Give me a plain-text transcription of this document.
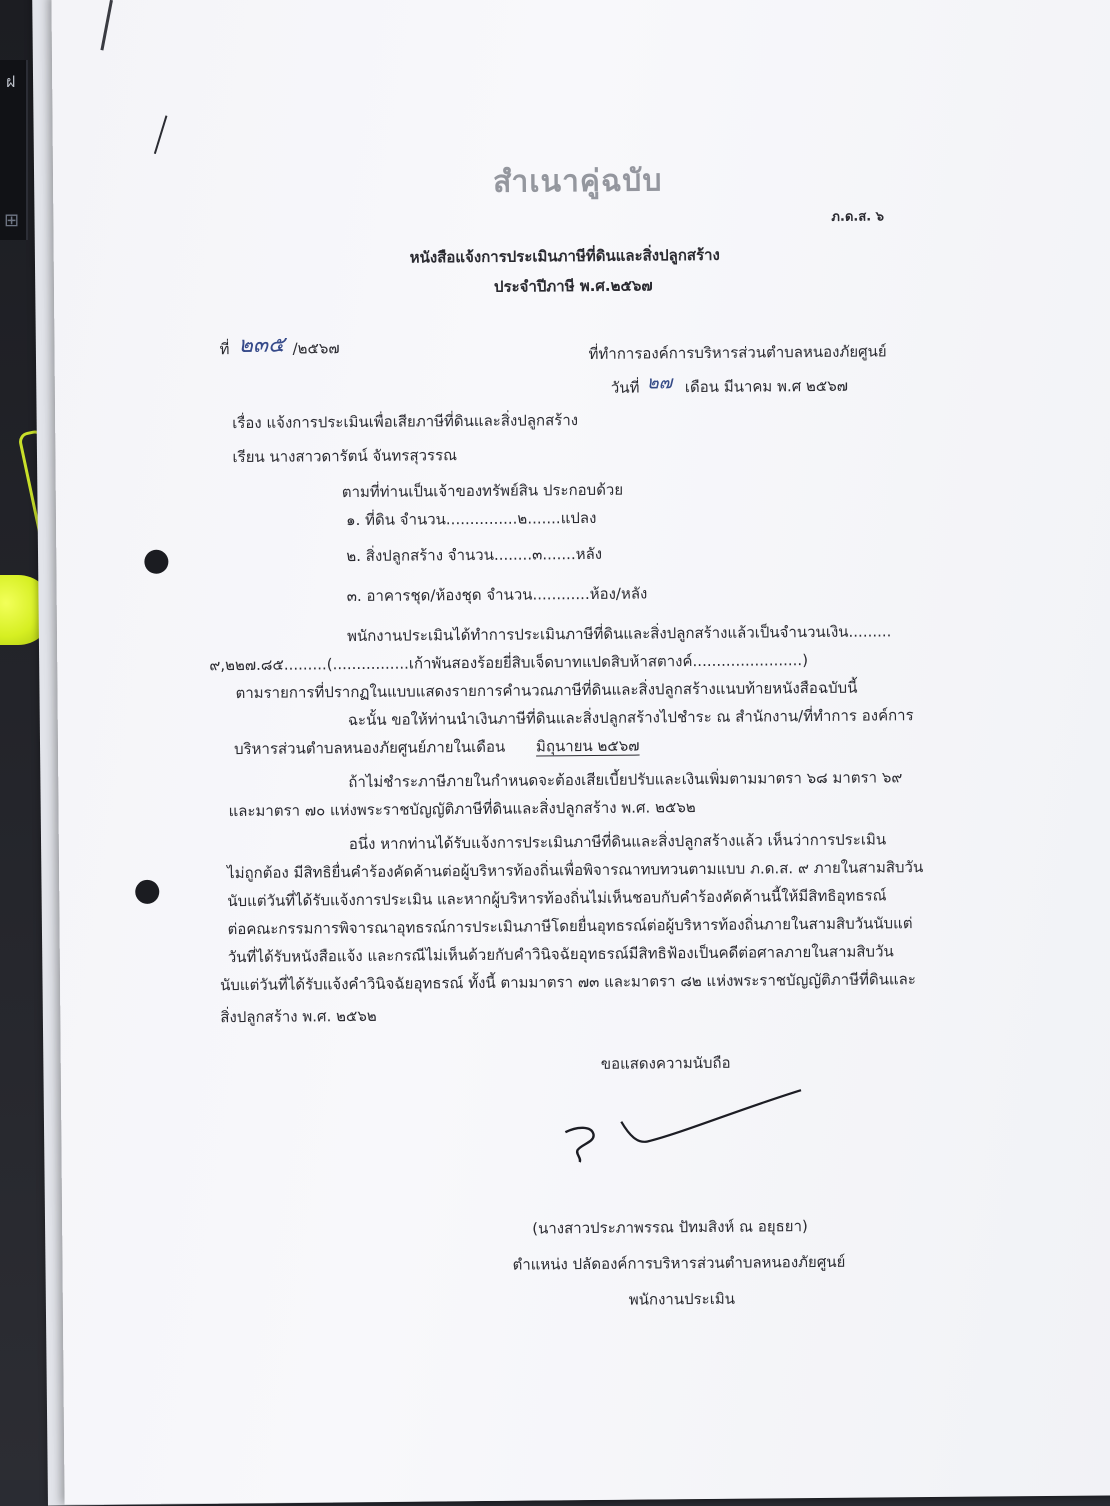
ฝ
⊞
สำเนาคู่ฉบับ
ภ.ด.ส. ๖
หนังสือแจ้งการประเมินภาษีที่ดินและสิ่งปลูกสร้าง
ประจำปีภาษี พ.ศ.๒๕๖๗
ที่ ๒๓๕ /๒๕๖๗	ที่ทำการองค์การบริหารส่วนตำบลหนองภัยศูนย์
วันที่ ๒๗ เดือน มีนาคม พ.ศ ๒๕๖๗
เรื่อง แจ้งการประเมินเพื่อเสียภาษีที่ดินและสิ่งปลูกสร้าง
เรียน นางสาวดารัตน์ จันทรสุวรรณ
ตามที่ท่านเป็นเจ้าของทรัพย์สิน ประกอบด้วย
๑. ที่ดิน จำนวน...............๒.......แปลง
๒. สิ่งปลูกสร้าง จำนวน........๓.......หลัง
๓. อาคารชุด/ห้องชุด จำนวน............ห้อง/หลัง
พนักงานประเมินได้ทำการประเมินภาษีที่ดินและสิ่งปลูกสร้างแล้วเป็นจำนวนเงิน.........
๙,๒๒๗.๘๕.........(................เก้าพันสองร้อยยี่สิบเจ็ดบาทแปดสิบห้าสตางค์.......................)
ตามรายการที่ปรากฏในแบบแสดงรายการคำนวณภาษีที่ดินและสิ่งปลูกสร้างแนบท้ายหนังสือฉบับนี้
ฉะนั้น ขอให้ท่านนำเงินภาษีที่ดินและสิ่งปลูกสร้างไปชำระ ณ สำนักงาน/ที่ทำการ องค์การ
บริหารส่วนตำบลหนองภัยศูนย์ภายในเดือน มิถุนายน ๒๕๖๗
ถ้าไม่ชำระภาษีภายในกำหนดจะต้องเสียเบี้ยปรับและเงินเพิ่มตามมาตรา ๖๘ มาตรา ๖๙
และมาตรา ๗๐ แห่งพระราชบัญญัติภาษีที่ดินและสิ่งปลูกสร้าง พ.ศ. ๒๕๖๒
อนึ่ง หากท่านได้รับแจ้งการประเมินภาษีที่ดินและสิ่งปลูกสร้างแล้ว เห็นว่าการประเมิน
ไม่ถูกต้อง มีสิทธิยื่นคำร้องคัดค้านต่อผู้บริหารท้องถิ่นเพื่อพิจารณาทบทวนตามแบบ ภ.ด.ส. ๙ ภายในสามสิบวัน
นับแต่วันที่ได้รับแจ้งการประเมิน และหากผู้บริหารท้องถิ่นไม่เห็นชอบกับคำร้องคัดค้านนี้ให้มีสิทธิอุทธรณ์
ต่อคณะกรรมการพิจารณาอุทธรณ์การประเมินภาษีโดยยื่นอุทธรณ์ต่อผู้บริหารท้องถิ่นภายในสามสิบวันนับแต่
วันที่ได้รับหนังสือแจ้ง และกรณีไม่เห็นด้วยกับคำวินิจฉัยอุทธรณ์มีสิทธิฟ้องเป็นคดีต่อศาลภายในสามสิบวัน
นับแต่วันที่ได้รับแจ้งคำวินิจฉัยอุทธรณ์ ทั้งนี้ ตามมาตรา ๗๓ และมาตรา ๘๒ แห่งพระราชบัญญัติภาษีที่ดินและ
สิ่งปลูกสร้าง พ.ศ. ๒๕๖๒
ขอแสดงความนับถือ
(นางสาวประภาพรรณ ปัทมสิงห์ ณ อยุธยา)
ตำแหน่ง ปลัดองค์การบริหารส่วนตำบลหนองภัยศูนย์
พนักงานประเมิน
